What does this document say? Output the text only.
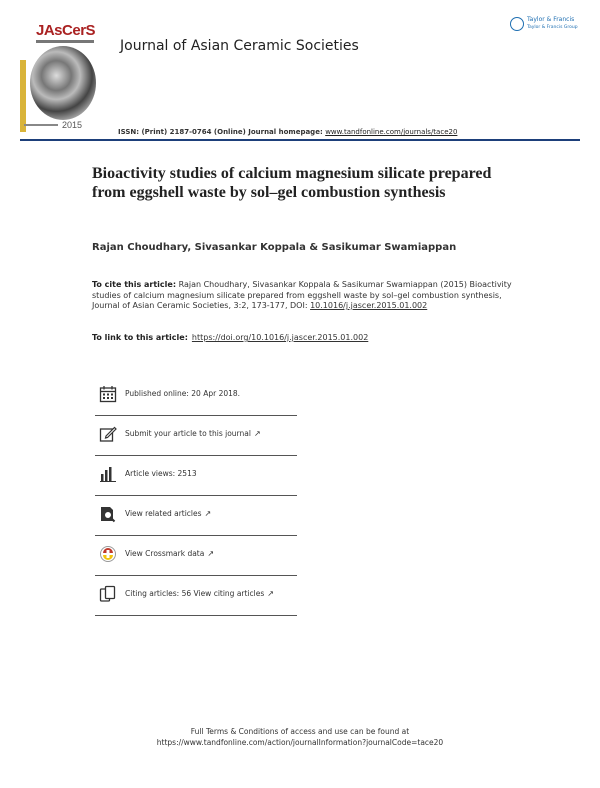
JAsCerS
2015
Journal of Asian Ceramic Societies
Taylor & Francis
Taylor & Francis Group
ISSN: (Print) 2187-0764 (Online) Journal homepage: www.tandfonline.com/journals/tace20
Bioactivity studies of calcium magnesium silicate prepared from eggshell waste by sol–gel combustion synthesis
Rajan Choudhary, Sivasankar Koppala & Sasikumar Swamiappan
To cite this article: Rajan Choudhary, Sivasankar Koppala & Sasikumar Swamiappan (2015) Bioactivity studies of calcium magnesium silicate prepared from eggshell waste by sol–gel combustion synthesis, Journal of Asian Ceramic Societies, 3:2, 173-177, DOI: 10.1016/j.jascer.2015.01.002
To link to this article: https://doi.org/10.1016/j.jascer.2015.01.002
Published online: 20 Apr 2018.
Submit your article to this journal ↗
Article views: 2513
View related articles ↗
View Crossmark data ↗
Citing articles: 56 View citing articles ↗
Full Terms & Conditions of access and use can be found at
https://www.tandfonline.com/action/journalInformation?journalCode=tace20
